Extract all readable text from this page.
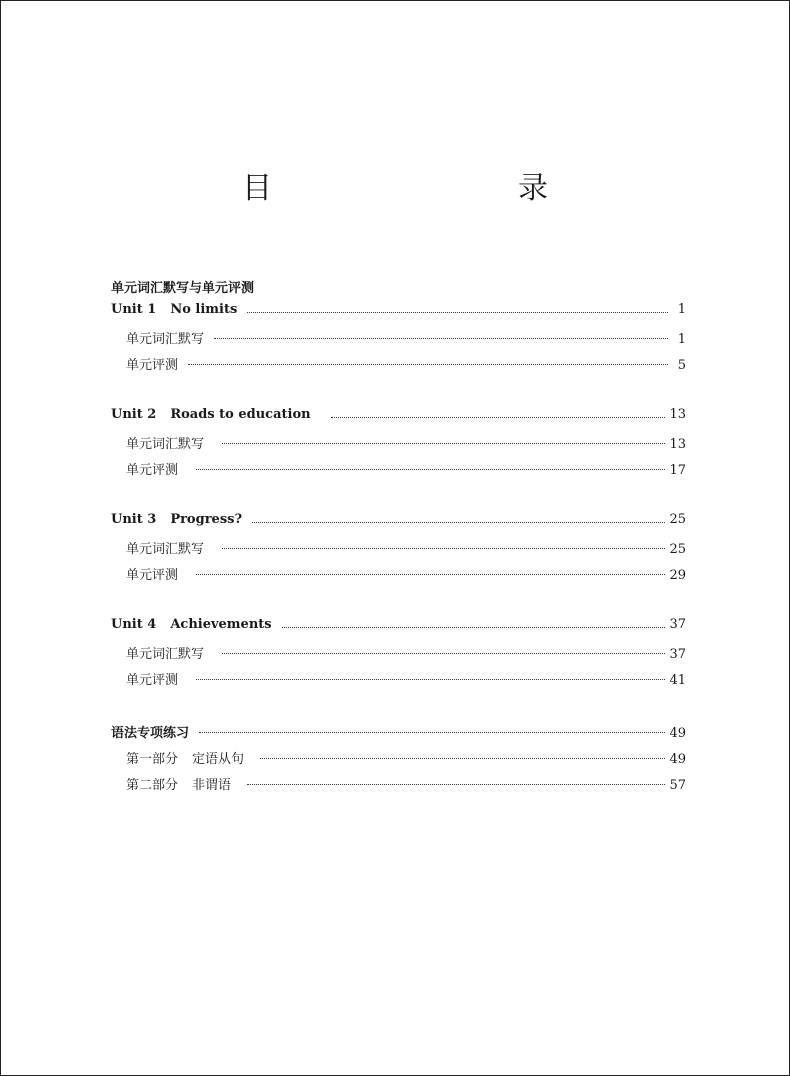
目　　录
单元词汇默写与单元评测
Unit 1 No limits	1
单元词汇默写	1
单元评测	5
Unit 2 Roads to education	13
单元词汇默写	13
单元评测	17
Unit 3 Progress?	25
单元词汇默写	25
单元评测	29
Unit 4 Achievements	37
单元词汇默写	37
单元评测	41
语法专项练习	49
第一部分 定语从句	49
第二部分 非谓语	57
